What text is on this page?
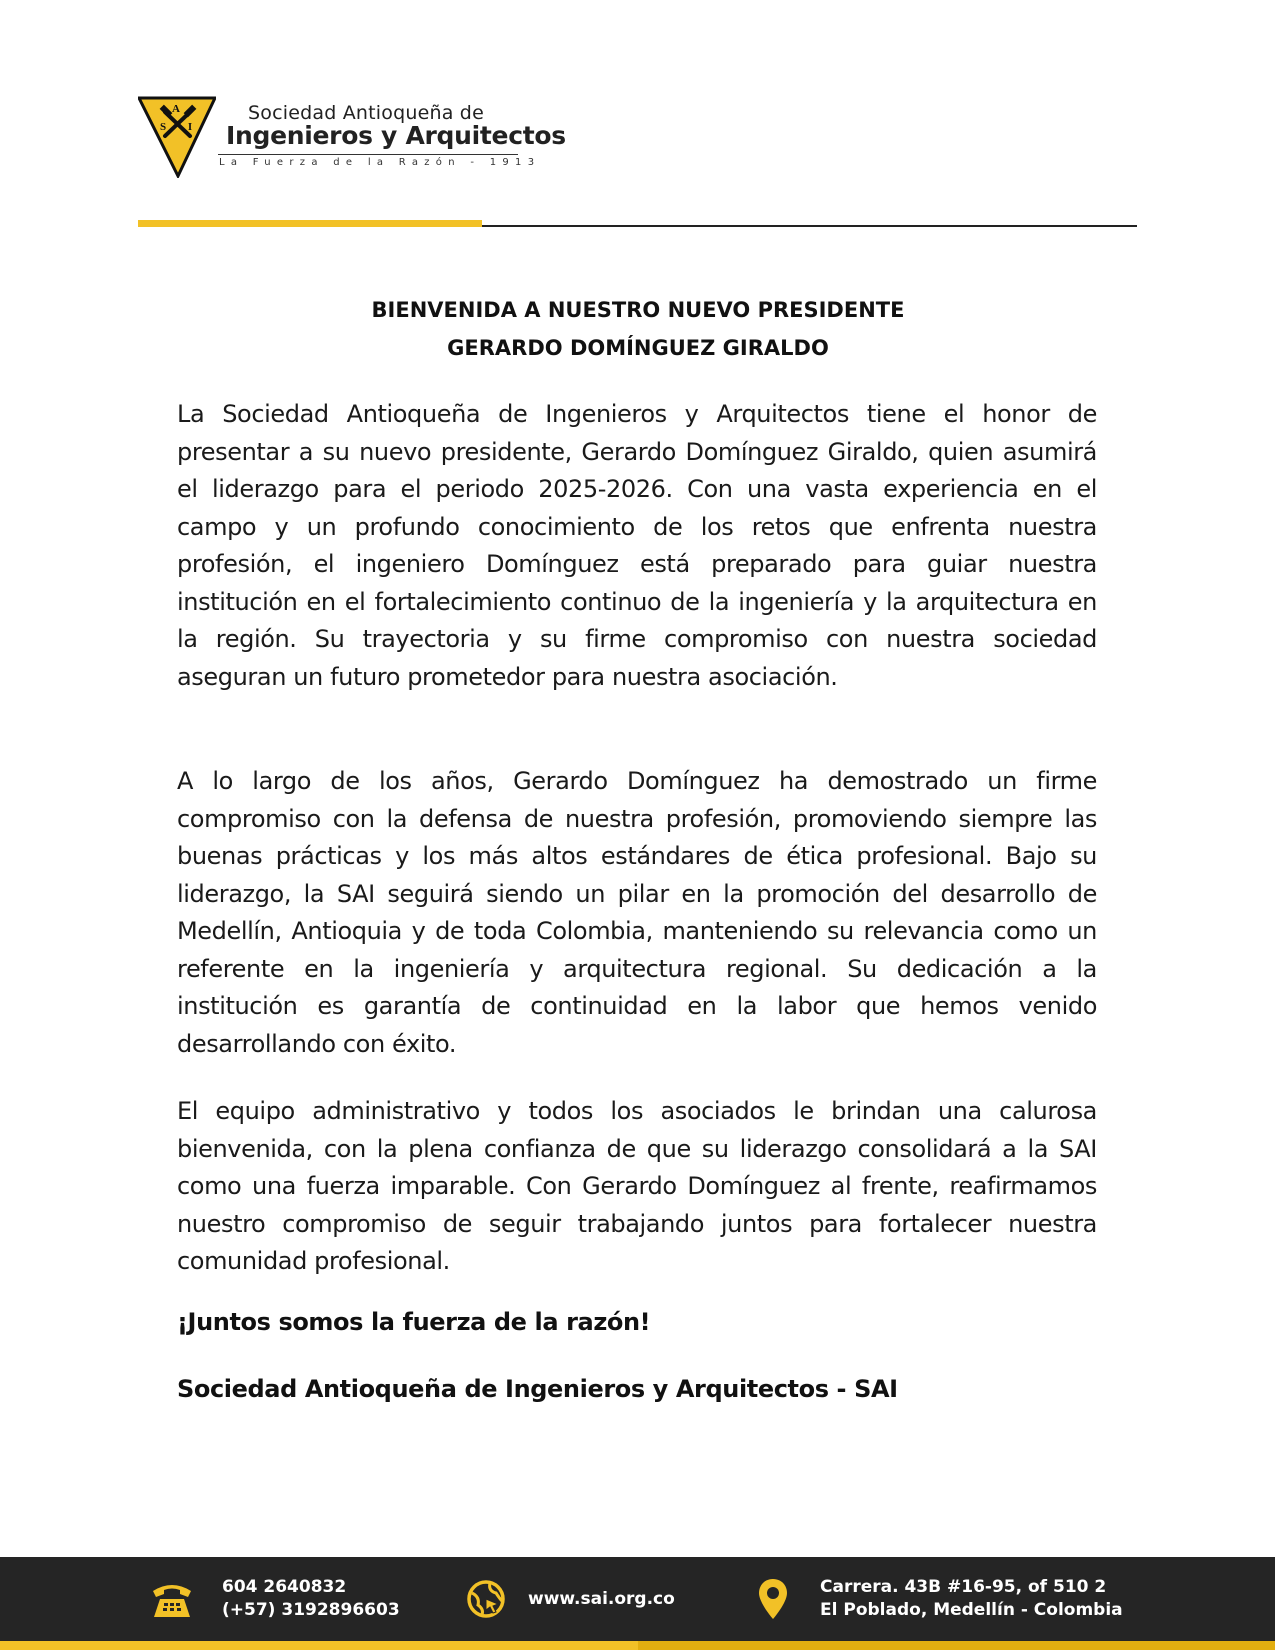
A
S I
Sociedad Antioqueña de
Ingenieros y Arquitectos
La Fuerza de la Razón - 1913
BIENVENIDA A NUESTRO NUEVO PRESIDENTE
GERARDO DOMÍNGUEZ GIRALDO

La Sociedad Antioqueña de Ingenieros y Arquitectos tiene el honor de presentar a su nuevo presidente, Gerardo Domínguez Giraldo, quien asumirá el liderazgo para el periodo 2025-2026. Con una vasta experiencia en el campo y un profundo conocimiento de los retos que enfrenta nuestra profesión, el ingeniero Domínguez está preparado para guiar nuestra institución en el fortalecimiento continuo de la ingeniería y la arquitectura en la región. Su trayectoria y su firme compromiso con nuestra sociedad aseguran un futuro prometedor para nuestra asociación.

A lo largo de los años, Gerardo Domínguez ha demostrado un firme compromiso con la defensa de nuestra profesión, promoviendo siempre las buenas prácticas y los más altos estándares de ética profesional. Bajo su liderazgo, la SAI seguirá siendo un pilar en la promoción del desarrollo de Medellín, Antioquia y de toda Colombia, manteniendo su relevancia como un referente en la ingeniería y arquitectura regional. Su dedicación a la institución es garantía de continuidad en la labor que hemos venido desarrollando con éxito.

El equipo administrativo y todos los asociados le brindan una calurosa bienvenida, con la plena confianza de que su liderazgo consolidará a la SAI como una fuerza imparable. Con Gerardo Domínguez al frente, reafirmamos nuestro compromiso de seguir trabajando juntos para fortalecer nuestra comunidad profesional.

¡Juntos somos la fuerza de la razón!
Sociedad Antioqueña de Ingenieros y Arquitectos - SAI
604 2640832
(+57) 3192896603
www.sai.org.co
Carrera. 43B #16-95, of 510 2
El Poblado, Medellín - Colombia
